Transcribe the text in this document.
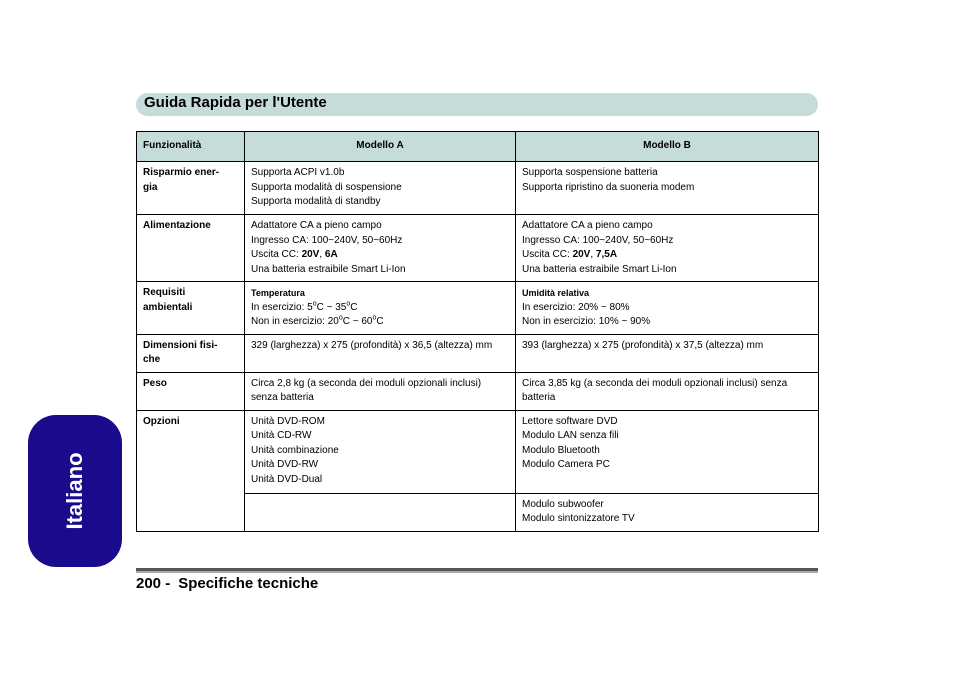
Guida Rapida per l'Utente
Italiano
Funzionalità	Modello A	Modello B

Risparmio ener-
gia	Supporta ACPI v1.0b
Supporta modalità di sospensione
Supporta modalità di standby	Supporta sospensione batteria
Supporta ripristino da suoneria modem

Alimentazione	Adattatore CA a pieno campo
Ingresso CA: 100~240V, 50~60Hz
Uscita CC: 20V, 6A
Una batteria estraibile Smart Li-Ion	Adattatore CA a pieno campo
Ingresso CA: 100~240V, 50~60Hz
Uscita CC: 20V, 7,5A
Una batteria estraibile Smart Li-Ion

Requisiti
ambientali	Temperatura
In esercizio: 5$^o$C ~ 35$^o$C
Non in esercizio: 20$^o$C ~ 60$^o$C	Umidità relativa
In esercizio: 20% ~ 80%
Non in esercizio: 10% ~ 90%

Dimensioni fisi-
che	329 (larghezza) x 275 (profondità) x 36,5 (altezza) mm	393 (larghezza) x 275 (profondità) x 37,5 (altezza) mm

Peso	Circa 2,8 kg (a seconda dei moduli opzionali inclusi)
senza batteria	Circa 3,85 kg (a seconda dei moduli opzionali inclusi) senza
batteria

Opzioni	Unità DVD-ROM
Unità CD-RW
Unità combinazione
Unità DVD-RW
Unità DVD-Dual	Lettore software DVD
Modulo LAN senza fili
Modulo Bluetooth
Modulo Camera PC

		Modulo subwoofer
Modulo sintonizzatore TV
200 - Specifiche tecniche
